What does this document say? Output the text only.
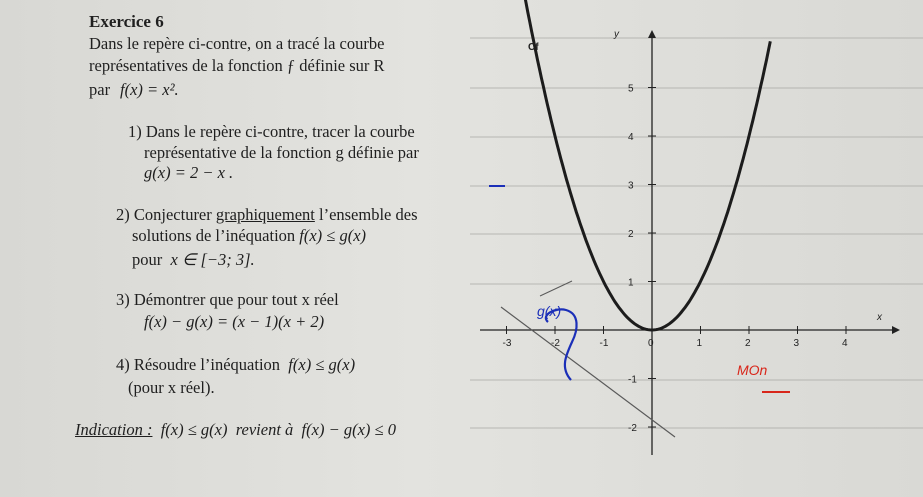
Exercice 6
Dans le repère ci-contre, on a tracé la courbe
représentatives de la fonction ƒ définie sur R
par f(x) = x².
1) Dans le repère ci-contre, tracer la courbe
représentative de la fonction g définie par
g(x) = 2 − x .
2) Conjecturer graphiquement l’ensemble des
solutions de l’inéquation f(x) ≤ g(x)
pour x ∈ [−3; 3].
3) Démontrer que pour tout x réel
f(x) − g(x) = (x − 1)(x + 2)
4) Résoudre l’inéquation f(x) ≤ g(x)
(pour x réel).
Indication : f(x) ≤ g(x) revient à f(x) − g(x) ≤ 0
-3	-2	-1	0	1	2	3	4
5
4
3
2
1
-1
-2
g(x)
Cf
y
x
MOn
